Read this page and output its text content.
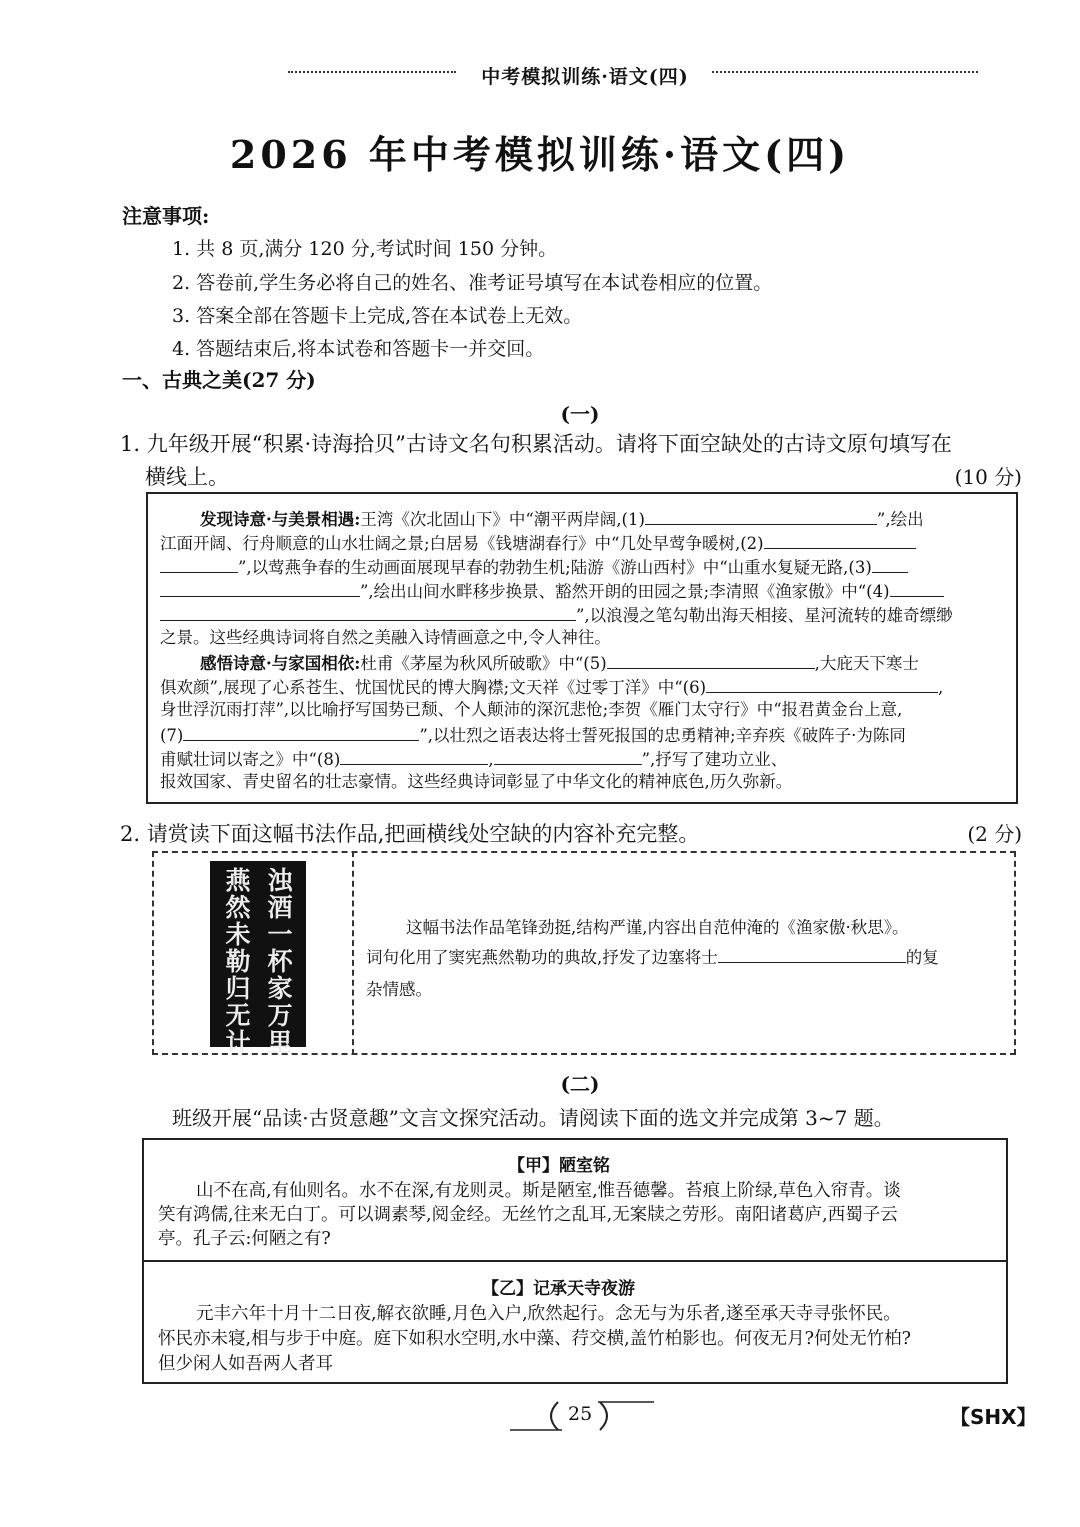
中考模拟训练·语文(四)
2026 年中考模拟训练·语文(四)
注意事项:
1. 共 8 页,满分 120 分,考试时间 150 分钟。
2. 答卷前,学生务必将自己的姓名、准考证号填写在本试卷相应的位置。
3. 答案全部在答题卡上完成,答在本试卷上无效。
4. 答题结束后,将本试卷和答题卡一并交回。
一、古典之美(27 分)
(一)
1. 九年级开展“积累·诗海拾贝”古诗文名句积累活动。请将下面空缺处的古诗文原句填写在
横线上。	(10 分)
发现诗意·与美景相遇:王湾《次北固山下》中“潮平两岸阔,(1)	”,绘出
江面开阔、行舟顺意的山水壮阔之景;白居易《钱塘湖春行》中“几处早莺争暖树,(2)
”,以莺燕争春的生动画面展现早春的勃勃生机;陆游《游山西村》中“山重水复疑无路,(3)
”,绘出山间水畔移步换景、豁然开朗的田园之景;李清照《渔家傲》中“(4)
”,以浪漫之笔勾勒出海天相接、星河流转的雄奇缥缈
之景。这些经典诗词将自然之美融入诗情画意之中,令人神往。
感悟诗意·与家国相依:杜甫《茅屋为秋风所破歌》中“(5)	,大庇天下寒士
俱欢颜”,展现了心系苍生、忧国忧民的博大胸襟;文天祥《过零丁洋》中“(6)	,
身世浮沉雨打萍”,以比喻抒写国势已颓、个人颠沛的深沉悲怆;李贺《雁门太守行》中“报君黄金台上意,
(7)	”,以壮烈之语表达将士誓死报国的忠勇精神;辛弃疾《破阵子·为陈同
甫赋壮词以寄之》中“(8)	,	”,抒写了建功立业、
报效国家、青史留名的壮志豪情。这些经典诗词彰显了中华文化的精神底色,历久弥新。
2. 请赏读下面这幅书法作品,把画横线处空缺的内容补充完整。	(2 分)
浊
酒
一
杯
家
万
里
燕
然
未
勒
归
无
计
这幅书法作品笔锋劲挺,结构严谨,内容出自范仲淹的《渔家傲·秋思》。
词句化用了窦宪燕然勒功的典故,抒发了边塞将士	的复
杂情感。
(二)
班级开展“品读·古贤意趣”文言文探究活动。请阅读下面的选文并完成第 3~7 题。
【甲】陋室铭
山不在高,有仙则名。水不在深,有龙则灵。斯是陋室,惟吾德馨。苔痕上阶绿,草色入帘青。谈
笑有鸿儒,往来无白丁。可以调素琴,阅金经。无丝竹之乱耳,无案牍之劳形。南阳诸葛庐,西蜀子云
亭。孔子云:何陋之有?
【乙】记承天寺夜游
元丰六年十月十二日夜,解衣欲睡,月色入户,欣然起行。念无与为乐者,遂至承天寺寻张怀民。
怀民亦未寝,相与步于中庭。庭下如积水空明,水中藻、荇交横,盖竹柏影也。何夜无月?何处无竹柏?
但少闲人如吾两人者耳
25	【SHX】
